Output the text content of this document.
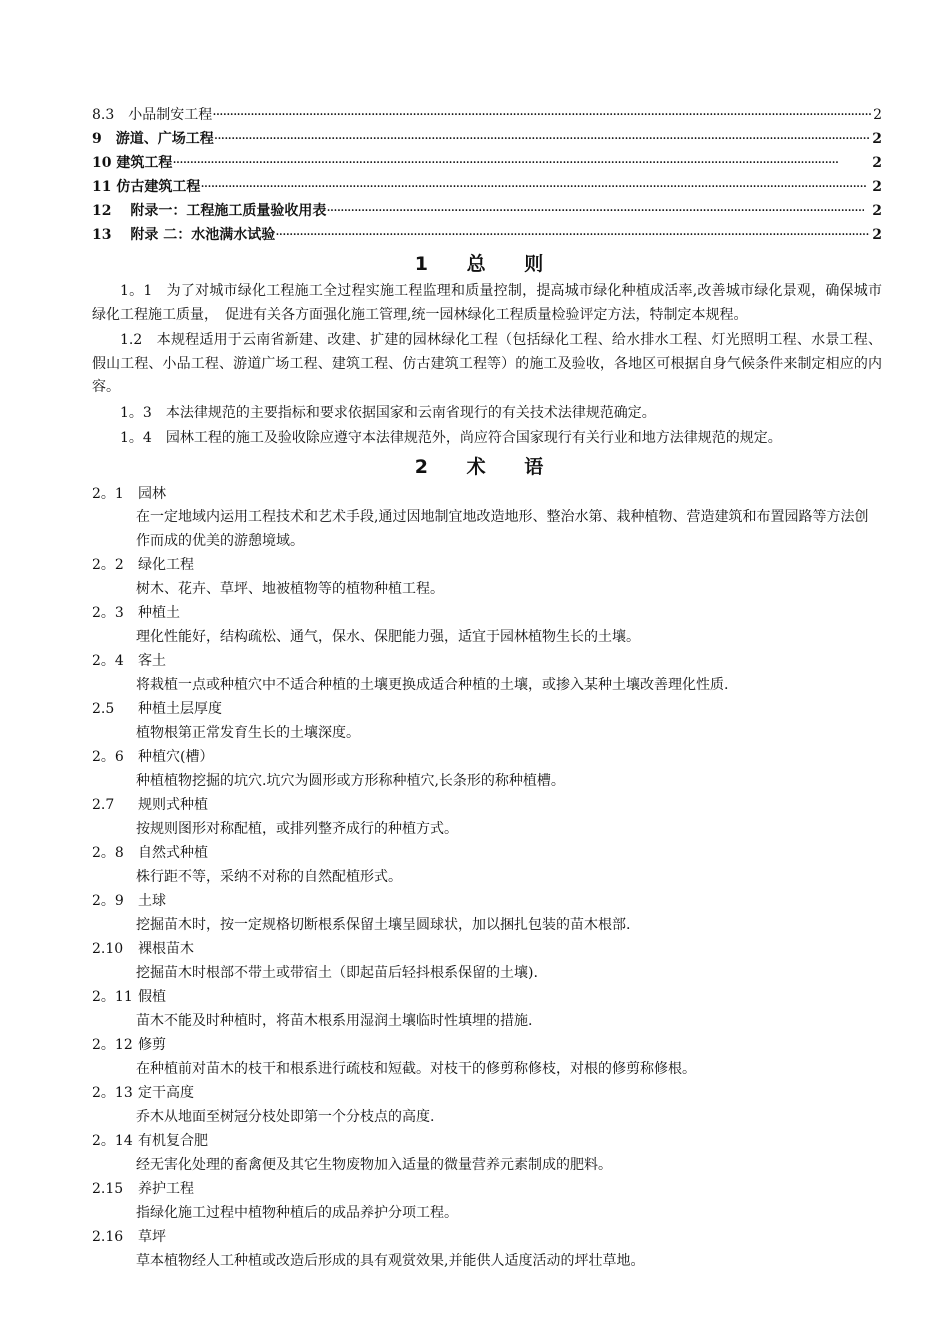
8.3　小品制安工程 ·····	2
9　游道、广场工程 ·····	2
10 建筑工程 ·····	2
11 仿古建筑工程 ·····	2
12　 附录一：工程施工质量验收用表 ·····	2
13　 附录 二：水池满水试验 ·····	2
1 总 则

1。1　为了对城市绿化工程施工全过程实施工程监理和质量控制，提高城市绿化种植成活率,改善城市绿化景观，确保城市绿化工程施工质量，　促进有关各方面强化施工管理,统一园林绿化工程质量检验评定方法，特制定本规程。

1.2　本规程适用于云南省新建、改建、扩建的园林绿化工程（包括绿化工程、给水排水工程、灯光照明工程、水景工程、假山工程、小品工程、游道广场工程、建筑工程、仿古建筑工程等）的施工及验收，各地区可根据自身气候条件来制定相应的内容。

1。3　本法律规范的主要指标和要求依据国家和云南省现行的有关技术法律规范确定。

1。4　园林工程的施工及验收除应遵守本法律规范外，尚应符合国家现行有关行业和地方法律规范的规定。

2 术 语
2。1 园林
在一定地域内运用工程技术和艺术手段,通过因地制宜地改造地形、整治水第、栽种植物、营造建筑和布置园路等方法创作而成的优美的游憩境域。
2。2 绿化工程
树木、花卉、草坪、地被植物等的植物种植工程。
2。3 种植土
理化性能好，结构疏松、通气，保水、保肥能力强，适宜于园林植物生长的土壤。
2。4 客土
将栽植一点或种植穴中不适合种植的土壤更换成适合种植的土壤，或掺入某种土壤改善理化性质.
2.5 种植土层厚度
植物根第正常发育生长的土壤深度。
2。6 种植穴(槽）
种植植物挖掘的坑穴.坑穴为圆形或方形称种植穴,长条形的称种植槽。
2.7 规则式种植
按规则图形对称配植，或排列整齐成行的种植方式。
2。8 自然式种植
株行距不等，采纳不对称的自然配植形式。
2。9 土球
挖掘苗木时，按一定规格切断根系保留土壤呈圆球状，加以捆扎包装的苗木根部.
2.10 裸根苗木
挖掘苗木时根部不带土或带宿土（即起苗后轻抖根系保留的土壤).
2。11 假植
苗木不能及时种植时，将苗木根系用湿润土壤临时性填埋的措施.
2。12 修剪
在种植前对苗木的枝干和根系进行疏枝和短截。对枝干的修剪称修枝，对根的修剪称修根。
2。13 定干高度
乔木从地面至树冠分枝处即第一个分枝点的高度.
2。14 有机复合肥
经无害化处理的畜禽便及其它生物废物加入适量的微量营养元素制成的肥料。
2.15 养护工程
指绿化施工过程中植物种植后的成品养护分项工程。
2.16 草坪
草本植物经人工种植或改造后形成的具有观赏效果,并能供人适度活动的坪壮草地。
